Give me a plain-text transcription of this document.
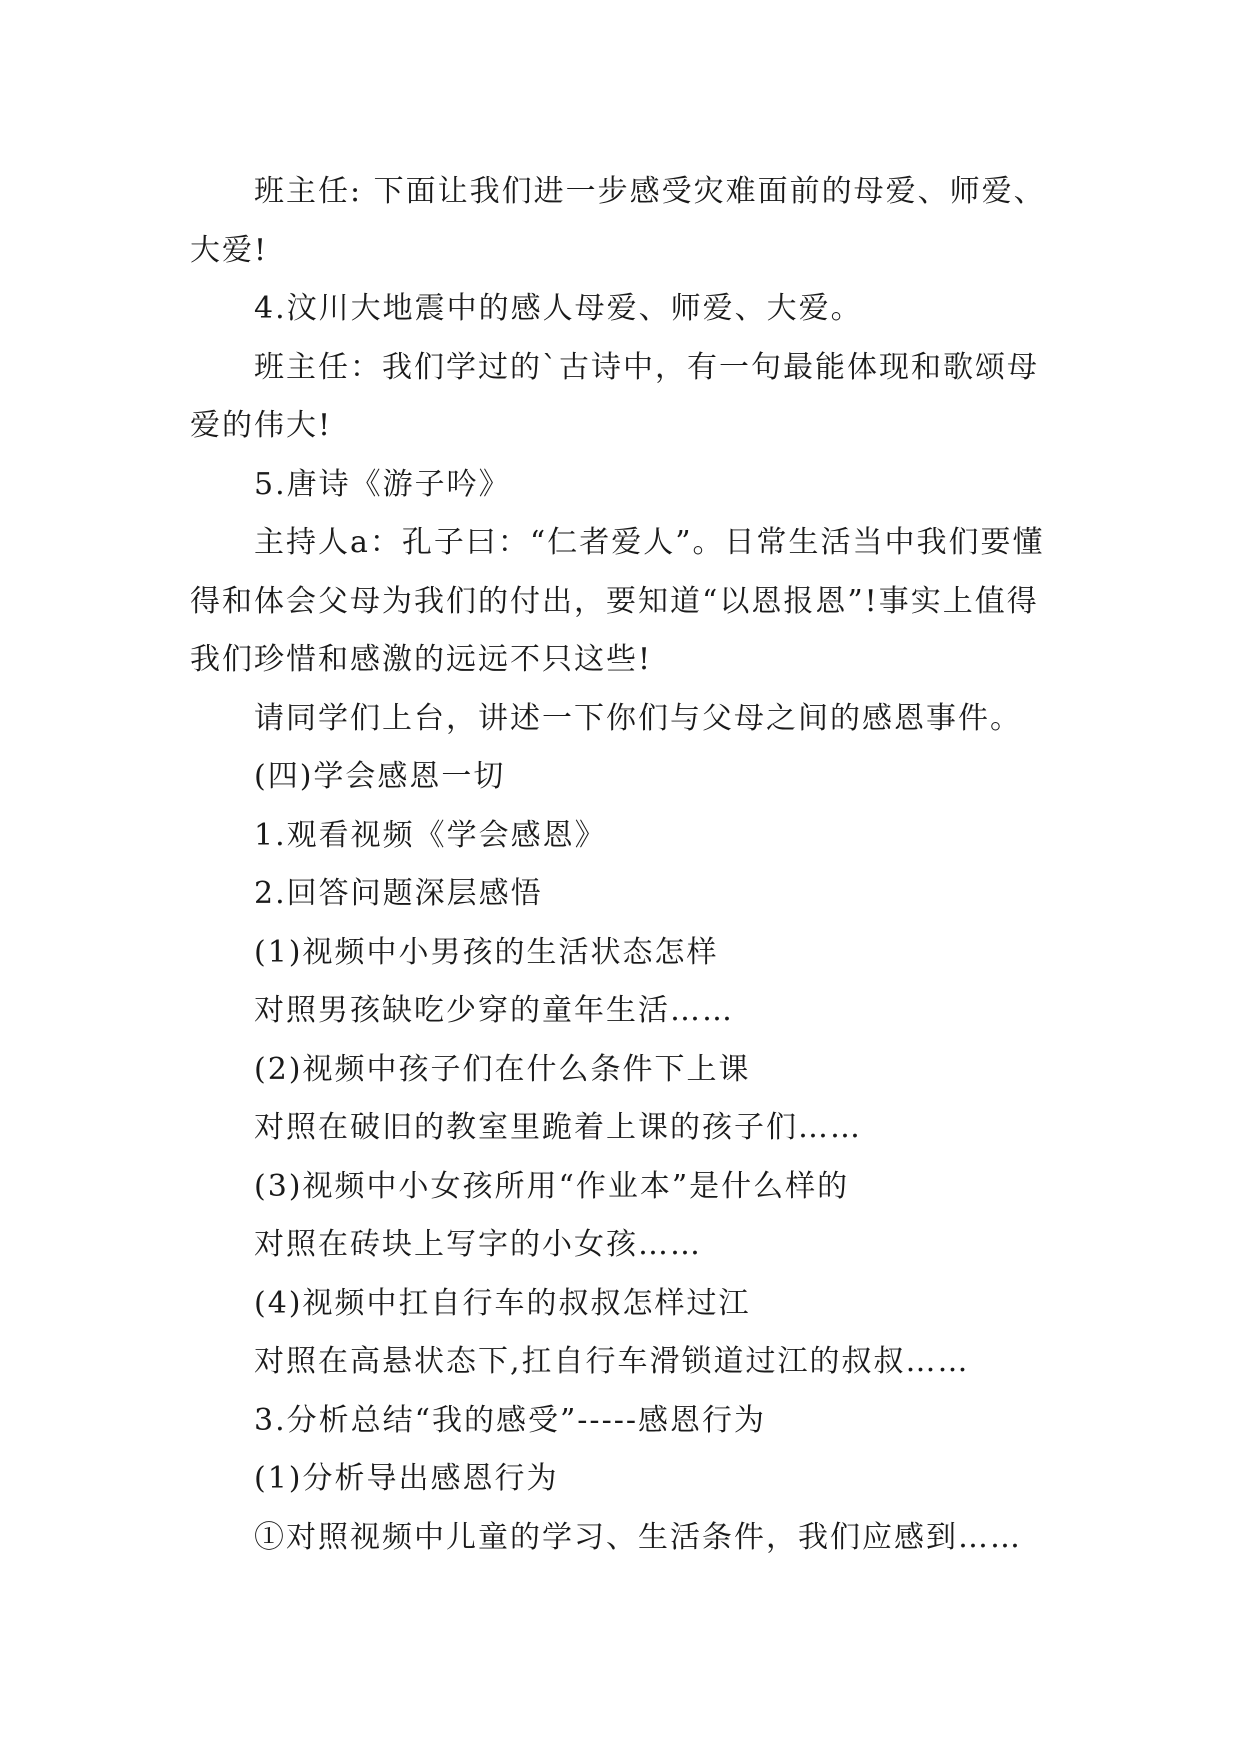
班主任: 下面让我们进一步感受灾难面前的母爱、师爱、大爱!

4.汶川大地震中的感人母爱、师爱、大爱。

班主任：我们学过的`古诗中，有一句最能体现和歌颂母爱的伟大!

5.唐诗《游子吟》

主持人a：孔子曰：“仁者爱人”。日常生活当中我们要懂得和体会父母为我们的付出，要知道“以恩报恩”!事实上值得我们珍惜和感激的远远不只这些!

请同学们上台，讲述一下你们与父母之间的感恩事件。

(四)学会感恩一切

1.观看视频《学会感恩》

2.回答问题深层感悟

(1)视频中小男孩的生活状态怎样

对照男孩缺吃少穿的童年生活……

(2)视频中孩子们在什么条件下上课

对照在破旧的教室里跪着上课的孩子们……

(3)视频中小女孩所用“作业本”是什么样的

对照在砖块上写字的小女孩……

(4)视频中扛自行车的叔叔怎样过江

对照在高悬状态下,扛自行车滑锁道过江的叔叔……

3.分析总结“我的感受”-----感恩行为

(1)分析导出感恩行为

①对照视频中儿童的学习、生活条件，我们应感到……
